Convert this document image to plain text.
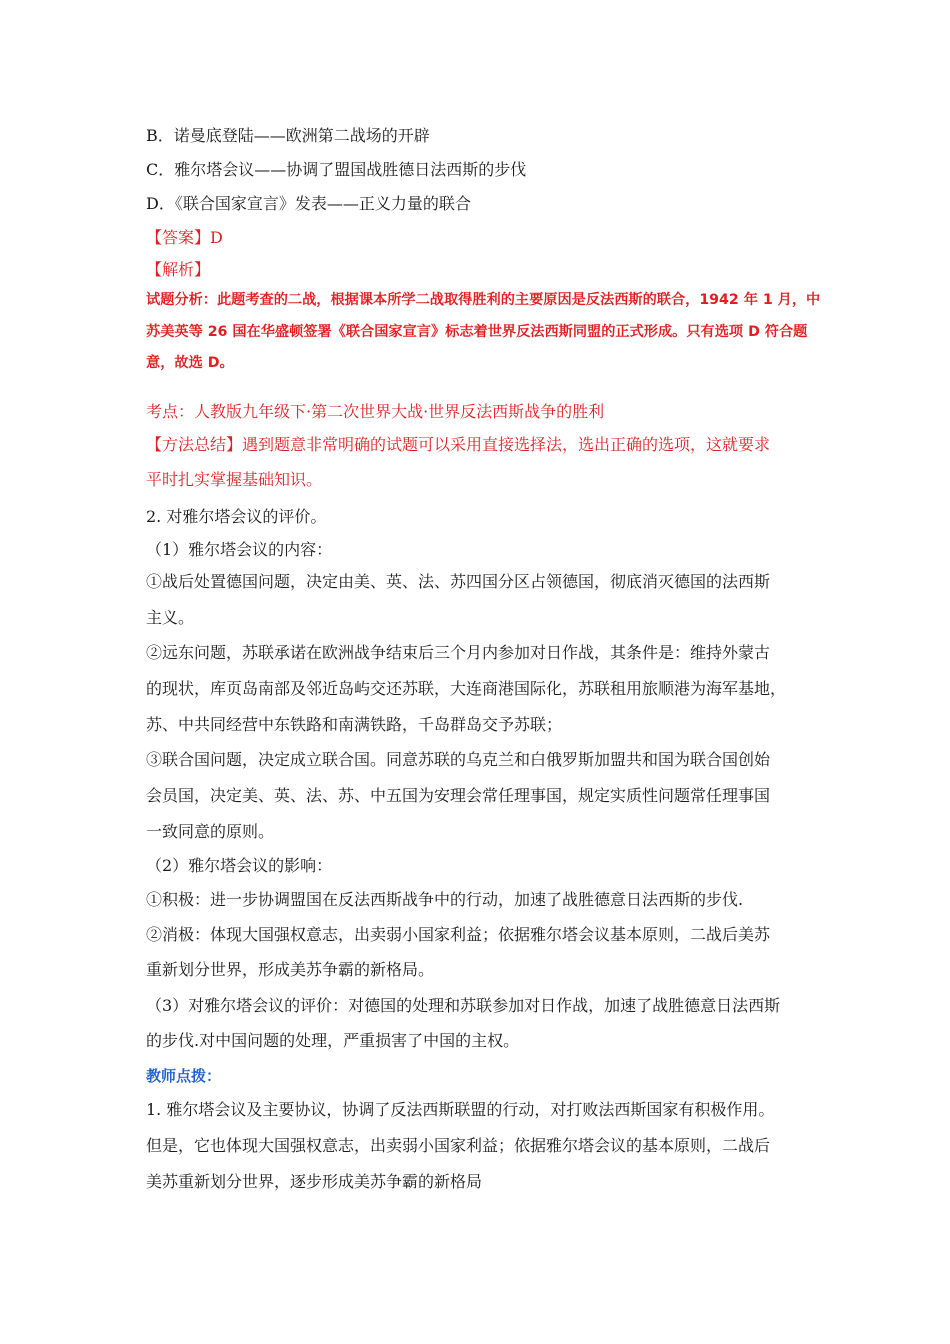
B．诺曼底登陆——欧洲第二战场的开辟
C．雅尔塔会议——协调了盟国战胜德日法西斯的步伐
D．《联合国家宣言》发表——正义力量的联合
【答案】D
【解析】
试题分析：此题考查的二战，根据课本所学二战取得胜利的主要原因是反法西斯的联合，1942 年 1 月，中
苏美英等 26 国在华盛顿签署《联合国家宣言》标志着世界反法西斯同盟的正式形成。只有选项 D 符合题
意，故选 D。
考点：人教版九年级下·第二次世界大战·世界反法西斯战争的胜利
【方法总结】遇到题意非常明确的试题可以采用直接选择法，选出正确的选项，这就要求
平时扎实掌握基础知识。
2. 对雅尔塔会议的评价。
（1）雅尔塔会议的内容：
①战后处置德国问题，决定由美、英、法、苏四国分区占领德国，彻底消灭德国的法西斯
主义。
②远东问题，苏联承诺在欧洲战争结束后三个月内参加对日作战，其条件是：维持外蒙古
的现状，库页岛南部及邻近岛屿交还苏联，大连商港国际化，苏联租用旅顺港为海军基地，
苏、中共同经营中东铁路和南满铁路，千岛群岛交予苏联；
③联合国问题，决定成立联合国。同意苏联的乌克兰和白俄罗斯加盟共和国为联合国创始
会员国，决定美、英、法、苏、中五国为安理会常任理事国，规定实质性问题常任理事国
一致同意的原则。
（2）雅尔塔会议的影响：
①积极：进一步协调盟国在反法西斯战争中的行动，加速了战胜德意日法西斯的步伐.
②消极：体现大国强权意志，出卖弱小国家利益；依据雅尔塔会议基本原则，二战后美苏
重新划分世界，形成美苏争霸的新格局。
（3）对雅尔塔会议的评价：对德国的处理和苏联参加对日作战，加速了战胜德意日法西斯
的步伐.对中国问题的处理，严重损害了中国的主权。
教师点拨：
1. 雅尔塔会议及主要协议，协调了反法西斯联盟的行动，对打败法西斯国家有积极作用。
但是，它也体现大国强权意志，出卖弱小国家利益；依据雅尔塔会议的基本原则，二战后
美苏重新划分世界，逐步形成美苏争霸的新格局
